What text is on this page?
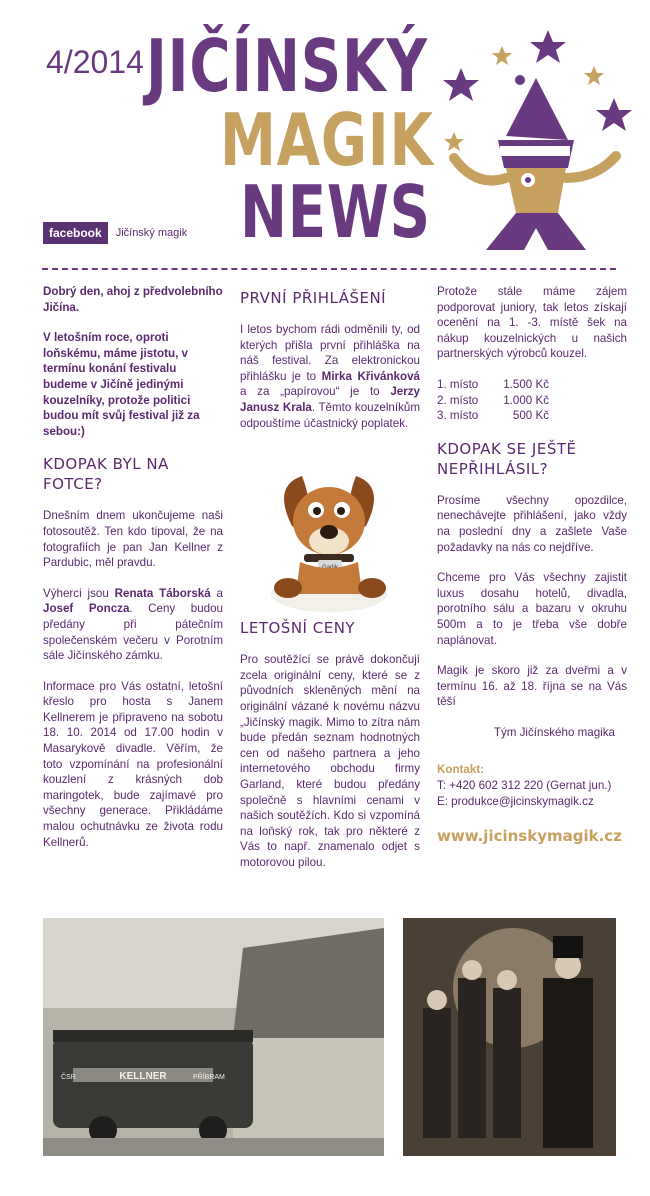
4/2014 JIČÍNSKÝ
MAGIK
NEWS
facebook	Jičínský magik

Dobrý den, ahoj z předvolebního Jičína.

V letošním roce, oproti loňskému, máme jistotu, v termínu konání festivalu budeme v Jičíně jedinými kouzelníky, protože politici budou mít svůj festival již za sebou:)

KDOPAK BYL NA FOTCE?

Dnešním dnem ukončujeme naši fotosoutěž. Ten kdo tipoval, že na fotografiích je pan Jan Kellner z Pardubic, měl pravdu.

Výherci jsou Renata Táborská a Josef Poncza. Ceny budou předány při pátečním společenském večeru v Porotním sále Jičínského zámku.

Informace pro Vás ostatní, letošní křeslo pro hosta s Janem Kellnerem je připraveno na sobotu 18. 10. 2014 od 17.00 hodin v Masarykově divadle. Věřím, že toto vzpomínání na profesionální kouzlení z krásných dob maringotek, bude zajímavé pro všechny generace. Přikládáme malou ochutnávku ze života rodu Kellnerů.

PRVNÍ PŘIHLÁŠENÍ

I letos bychom rádi odměnili ty, od kterých přišla první přihláška na náš festival. Za elektronickou přihlášku je to Mirka Křivánková a za „papírovou“ je to Jerzy Janusz Krala. Těmto kouzelníkům odpouštíme účastnický poplatek.

LETOŠNÍ CENY

Pro soutěžící se právě dokončují zcela originální ceny, které se z původních skleněných mění na originální vázané k novému názvu „Jičínský magik. Mimo to zítra nám bude předán seznam hodnotných cen od našeho partnera a jeho internetového obchodu firmy Garland, které budou předány společně s hlavními cenami v našich soutěžích. Kdo si vzpomíná na loňský rok, tak pro některé z Vás to např. znamenalo odjet s motorovou pilou.

Protože stále máme zájem podporovat juniory, tak letos získají ocenění na 1. -3. místě šek na nákup kouzelnických u našich partnerských výrobců kouzel.

1. místo 1.500 Kč
2. místo 1.000 Kč
3. místo	500 Kč
KDOPAK SE JEŠTĚ NEPŘIHLÁSIL?

Prosíme všechny opozdilce, nenechávejte přihlášení, jako vždy na poslední dny a zašlete Vaše požadavky na nás co nejdříve.

Chceme pro Vás všechny zajistit luxus dosahu hotelů, divadla, porotního sálu a bazaru v okruhu 500m a to je třeba vše dobře naplánovat.

Magik je skoro již za dveřmi a v termínu 16. až 18. října se na Vás těší

Tým Jičínského magika
Kontakt:
T: +420 602 312 220 (Gernat jun.)
E: produkce@jicinskymagik.cz
www.jicinskymagik.cz
KELLNER	PŘÍBRAM
ČSR
